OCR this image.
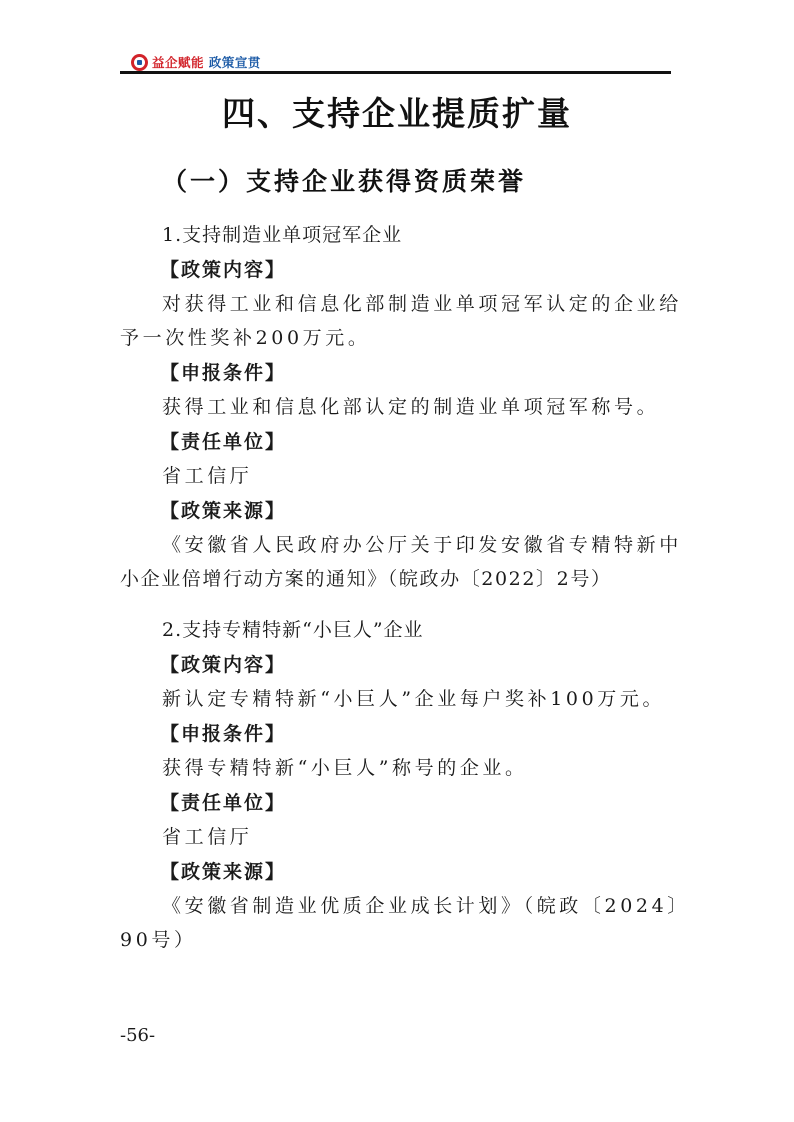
益企赋能 政策宣贯
四、支持企业提质扩量
（一）支持企业获得资质荣誉
1.支持制造业单项冠军企业
【政策内容】
对获得工业和信息化部制造业单项冠军认定的企业给
予一次性奖补200万元。
【申报条件】
获得工业和信息化部认定的制造业单项冠军称号。
【责任单位】
省工信厅
【政策来源】
《安徽省人民政府办公厅关于印发安徽省专精特新中
小企业倍增行动方案的通知》（皖政办〔2022〕2号）
2.支持专精特新“小巨人”企业
【政策内容】
新认定专精特新“小巨人”企业每户奖补100万元。
【申报条件】
获得专精特新“小巨人”称号的企业。
【责任单位】
省工信厅
【政策来源】
《安徽省制造业优质企业成长计划》（皖政〔2024〕
90号）
-56-
